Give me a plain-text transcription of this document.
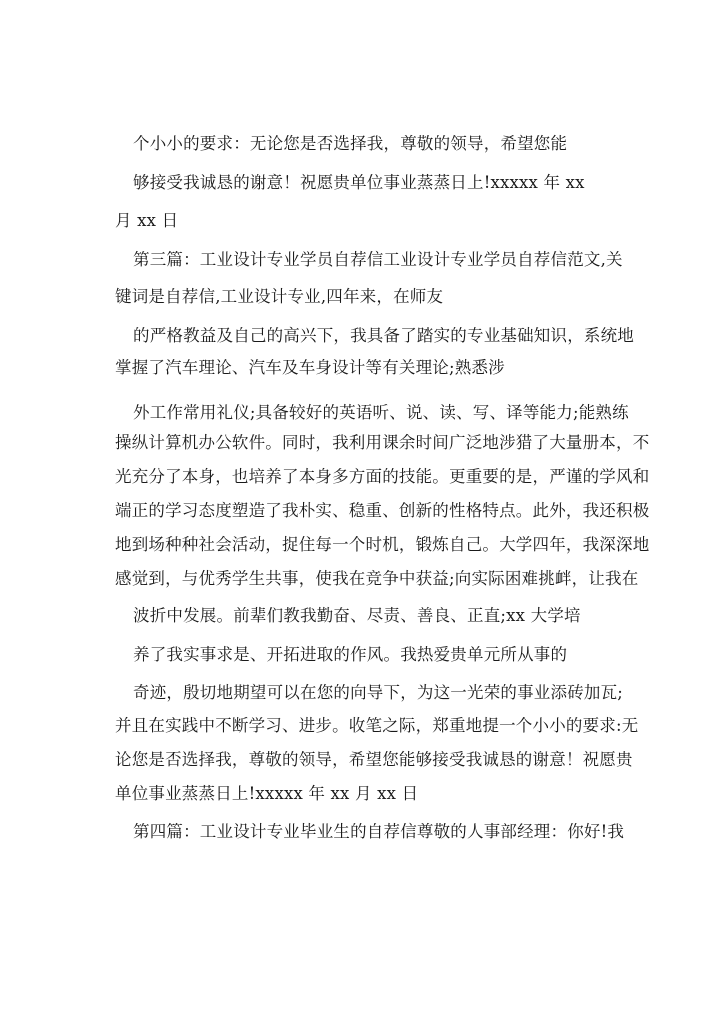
个小小的要求：无论您是否选择我，尊敬的领导，希望您能
够接受我诚恳的谢意！祝愿贵单位事业蒸蒸日上!xxxxx 年 xx
月 xx 日
第三篇：工业设计专业学员自荐信工业设计专业学员自荐信范文,关
键词是自荐信,工业设计专业,四年来，在师友
的严格教益及自己的高兴下，我具备了踏实的专业基础知识，系统地
掌握了汽车理论、汽车及车身设计等有关理论;熟悉涉
外工作常用礼仪;具备较好的英语听、说、读、写、译等能力;能熟练
操纵计算机办公软件。同时，我利用课余时间广泛地涉猎了大量册本，不
光充分了本身，也培养了本身多方面的技能。更重要的是，严谨的学风和
端正的学习态度塑造了我朴实、稳重、创新的性格特点。此外，我还积极
地到场种种社会活动，捉住每一个时机，锻炼自己。大学四年，我深深地
感觉到，与优秀学生共事，使我在竞争中获益;向实际困难挑衅，让我在
波折中发展。前辈们教我勤奋、尽责、善良、正直;xx 大学培
养了我实事求是、开拓进取的作风。我热爱贵单元所从事的
奇迹，殷切地期望可以在您的向导下，为这一光荣的事业添砖加瓦;
并且在实践中不断学习、进步。收笔之际，郑重地提一个小小的要求:无
论您是否选择我，尊敬的领导，希望您能够接受我诚恳的谢意！祝愿贵
单位事业蒸蒸日上!xxxxx 年 xx 月 xx 日
第四篇：工业设计专业毕业生的自荐信尊敬的人事部经理：你好!我
